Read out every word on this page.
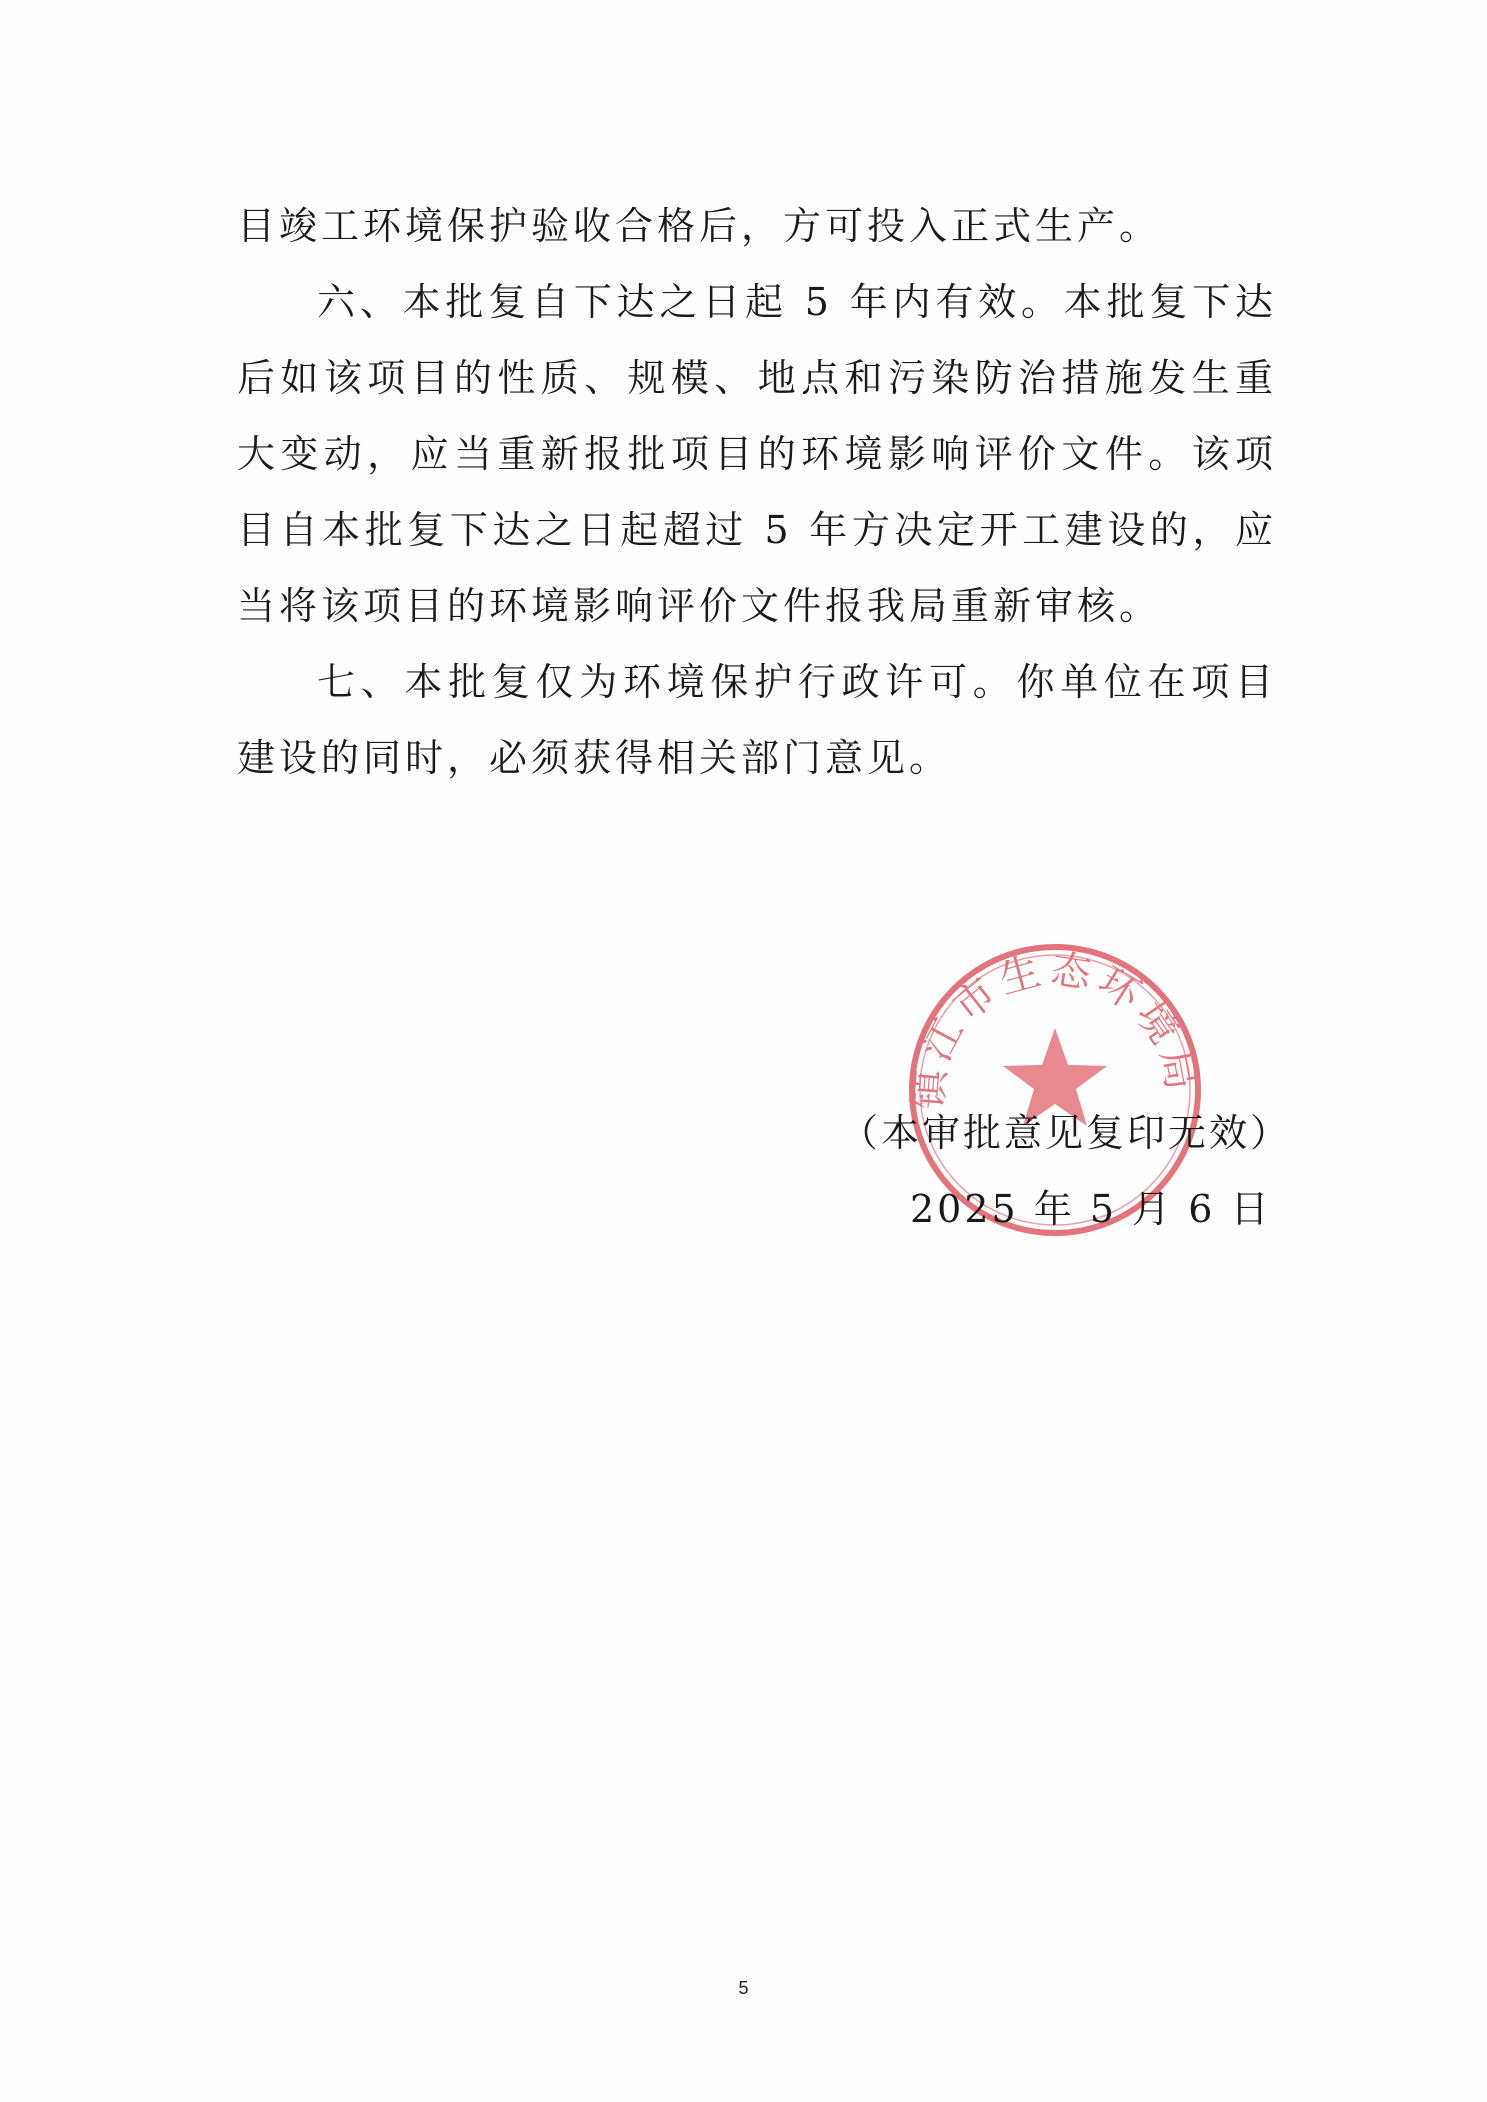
目竣工环境保护验收合格后，方可投入正式生产。

六、本批复自下达之日起 5 年内有效。本批复下达后如该项目的性质、规模、地点和污染防治措施发生重大变动，应当重新报批项目的环境影响评价文件。该项目自本批复下达之日起超过 5 年方决定开工建设的，应当将该项目的环境影响评价文件报我局重新审核。

七、本批复仅为环境保护行政许可。你单位在项目建设的同时，必须获得相关部门意见。

镇江市生态环境局
（本审批意见复印无效）
2025 年 5 月 6 日
5
